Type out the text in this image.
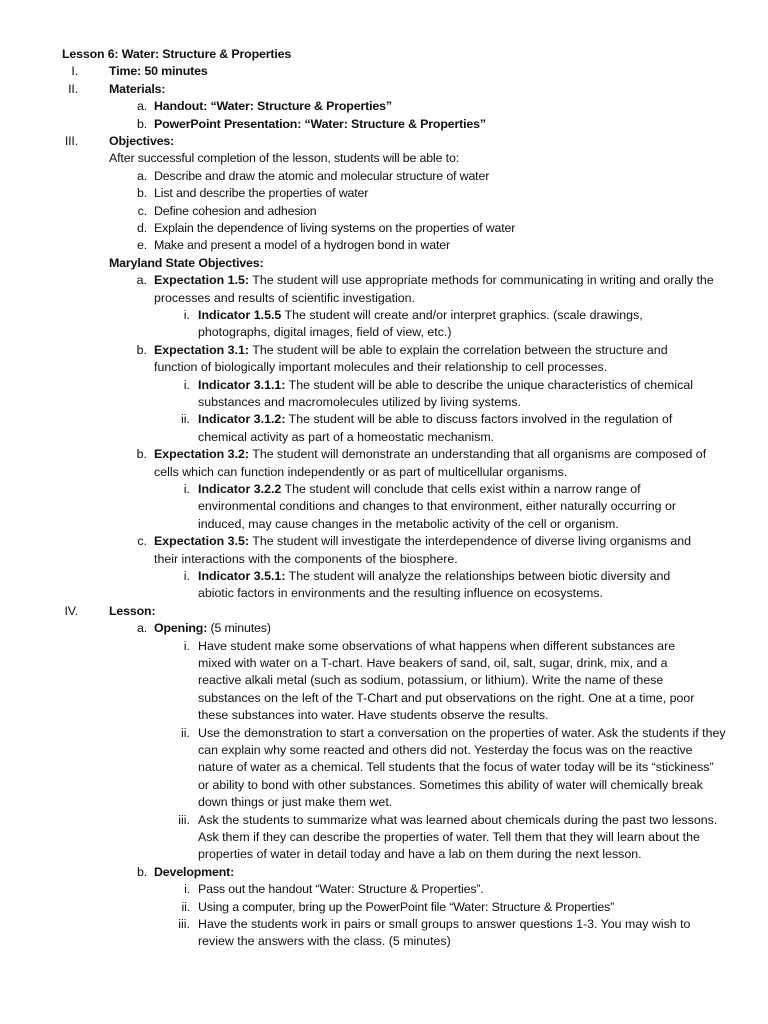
Lesson 6: Water: Structure & Properties
I.	Time: 50 minutes
II.	Materials:
a. Handout: “Water: Structure & Properties”
b. PowerPoint Presentation: “Water: Structure & Properties”
III.	Objectives:
After successful completion of the lesson, students will be able to:
a. Describe and draw the atomic and molecular structure of water
b. List and describe the properties of water
c. Define cohesion and adhesion
d. Explain the dependence of living systems on the properties of water
e. Make and present a model of a hydrogen bond in water
Maryland State Objectives:
a. Expectation 1.5: The student will use appropriate methods for communicating in writing and orally the processes and results of scientific investigation.
i. Indicator 1.5.5 The student will create and/or interpret graphics. (scale drawings, photographs, digital images, field of view, etc.)
b. Expectation 3.1: The student will be able to explain the correlation between the structure and function of biologically important molecules and their relationship to cell processes.
i. Indicator 3.1.1: The student will be able to describe the unique characteristics of chemical substances and macromolecules utilized by living systems.
ii. Indicator 3.1.2: The student will be able to discuss factors involved in the regulation of chemical activity as part of a homeostatic mechanism.
b. Expectation 3.2: The student will demonstrate an understanding that all organisms are composed of cells which can function independently or as part of multicellular organisms.
i. Indicator 3.2.2 The student will conclude that cells exist within a narrow range of environmental conditions and changes to that environment, either naturally occurring or induced, may cause changes in the metabolic activity of the cell or organism.
c. Expectation 3.5: The student will investigate the interdependence of diverse living organisms and their interactions with the components of the biosphere.
i. Indicator 3.5.1: The student will analyze the relationships between biotic diversity and abiotic factors in environments and the resulting influence on ecosystems.
IV.	Lesson:
a. Opening: (5 minutes)
i. Have student make some observations of what happens when different substances are mixed with water on a T-chart. Have beakers of sand, oil, salt, sugar, drink, mix, and a reactive alkali metal (such as sodium, potassium, or lithium). Write the name of these substances on the left of the T-Chart and put observations on the right. One at a time, poor these substances into water. Have students observe the results.
ii. Use the demonstration to start a conversation on the properties of water. Ask the students if they can explain why some reacted and others did not. Yesterday the focus was on the reactive nature of water as a chemical. Tell students that the focus of water today will be its “stickiness” or ability to bond with other substances. Sometimes this ability of water will chemically break down things or just make them wet.
iii. Ask the students to summarize what was learned about chemicals during the past two lessons. Ask them if they can describe the properties of water. Tell them that they will learn about the properties of water in detail today and have a lab on them during the next lesson.
b. Development:
i. Pass out the handout “Water: Structure & Properties”.
ii. Using a computer, bring up the PowerPoint file “Water: Structure & Properties”
iii. Have the students work in pairs or small groups to answer questions 1-3. You may wish to review the answers with the class. (5 minutes)
